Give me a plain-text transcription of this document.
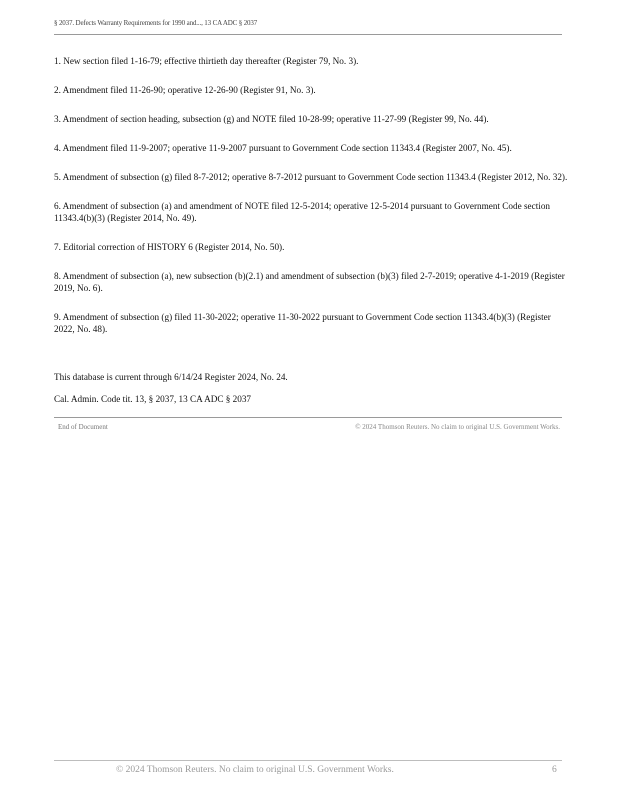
§ 2037. Defects Warranty Requirements for 1990 and..., 13 CA ADC § 2037
1. New section filed 1-16-79; effective thirtieth day thereafter (Register 79, No. 3).
2. Amendment filed 11-26-90; operative 12-26-90 (Register 91, No. 3).
3. Amendment of section heading, subsection (g) and NOTE filed 10-28-99; operative 11-27-99 (Register 99, No. 44).
4. Amendment filed 11-9-2007; operative 11-9-2007 pursuant to Government Code section 11343.4 (Register 2007, No. 45).
5. Amendment of subsection (g) filed 8-7-2012; operative 8-7-2012 pursuant to Government Code section 11343.4 (Register 2012, No. 32).
6. Amendment of subsection (a) and amendment of NOTE filed 12-5-2014; operative 12-5-2014 pursuant to Government Code section 11343.4(b)(3) (Register 2014, No. 49).
7. Editorial correction of HISTORY 6 (Register 2014, No. 50).
8. Amendment of subsection (a), new subsection (b)(2.1) and amendment of subsection (b)(3) filed 2-7-2019; operative 4-1-2019 (Register 2019, No. 6).
9. Amendment of subsection (g) filed 11-30-2022; operative 11-30-2022 pursuant to Government Code section 11343.4(b)(3) (Register 2022, No. 48).
This database is current through 6/14/24 Register 2024, No. 24.
Cal. Admin. Code tit. 13, § 2037, 13 CA ADC § 2037
End of Document	© 2024 Thomson Reuters. No claim to original U.S. Government Works.
© 2024 Thomson Reuters. No claim to original U.S. Government Works.	6
